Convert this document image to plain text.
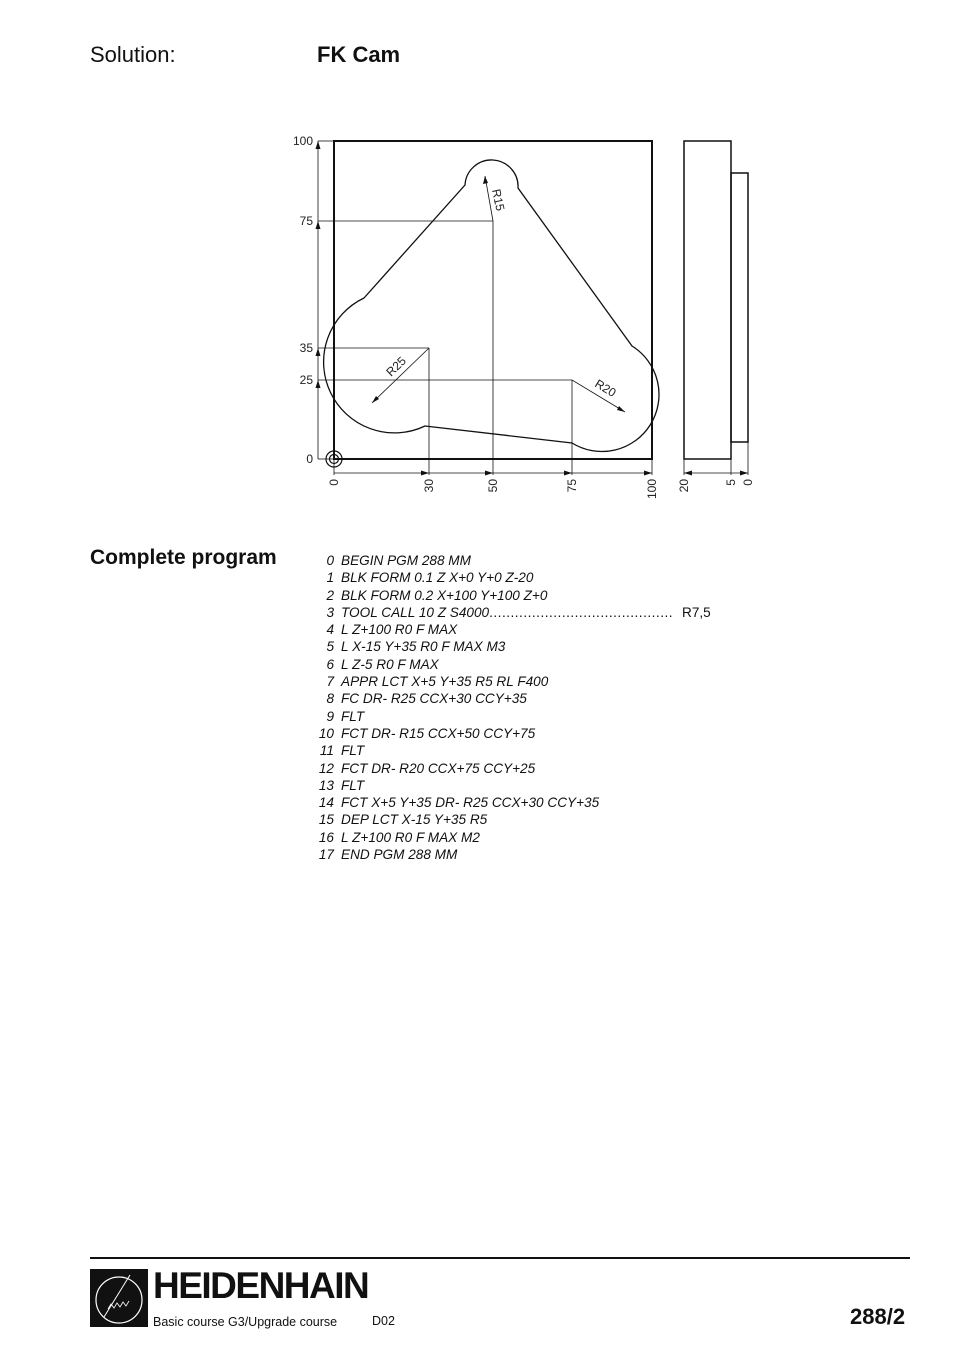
Solution:	FK Cam
100
75
35
25
0
0	30	50	75	100 20	5 0
R15
R25
R20
Complete program	0 BEGIN PGM 288 MM
1 BLK FORM 0.1 Z X+0 Y+0 Z-20
2 BLK FORM 0.2 X+100 Y+100 Z+0
3 TOOL CALL 10 Z S4000........................................... R7,5
4 L Z+100 R0 F MAX
5 L X-15 Y+35 R0 F MAX M3
6 L Z-5 R0 F MAX
7 APPR LCT X+5 Y+35 R5 RL F400
8 FC DR- R25 CCX+30 CCY+35
9 FLT
10 FCT DR- R15 CCX+50 CCY+75
11 FLT
12 FCT DR- R20 CCX+75 CCY+25
13 FLT
14 FCT X+5 Y+35 DR- R25 CCX+30 CCY+35
15 DEP LCT X-15 Y+35 R5
16 L Z+100 R0 F MAX M2
17 END PGM 288 MM
HEIDENHAIN
Basic course G3/Upgrade course	D02	288/2
